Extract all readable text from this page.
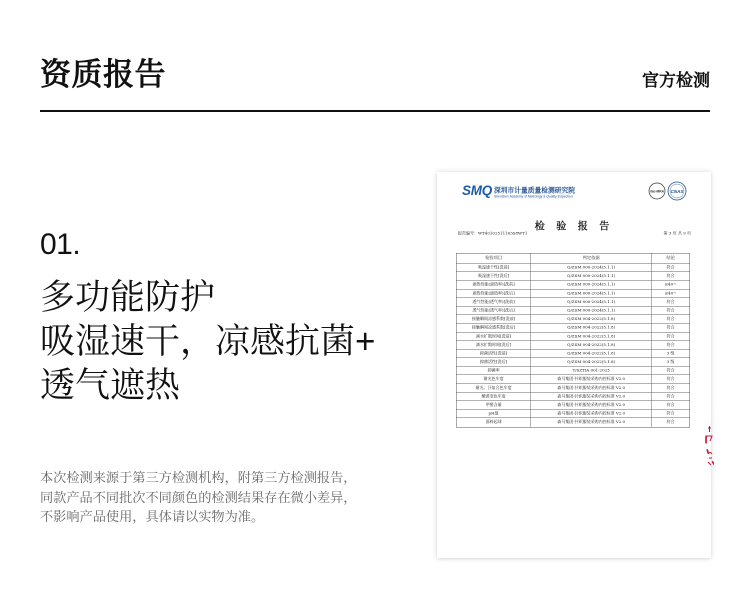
资质报告	官方检测
01.
多功能防护
吸湿速干，凉感抗菌+
透气遮热
本次检测来源于第三方检测机构，附第三方检测报告，
同款产品不同批次不同颜色的检测结果存在微小差异，
不影响产品使用，具体请以实物为准。
SMQ 深圳市计量质量检测研究院
Shenzhen Academy of Metrology & Quality Inspection
ilac-MRA CNAS
检 验 报 告
报告编号：WT40102511163S8WT1	第 3 页 共 9 页
检验项目	判定依据	结论
吸湿速干性[洗前]	Q/ZSM 000-2024(5.1.1)	符合
吸湿速干性[洗后]	Q/ZSM 000-2024(5.1.1)	符合
遮热性能(遮热率)[洗前]	Q/ZSM 000-2024(5.1.1)	≤40~
遮热性能(遮热率)[洗后]	Q/ZSM 000-2024(5.1.1)	≤40~
透气性能(透气率)[洗前]	Q/ZSM 000-2024(5.1.1)	符合
透气性能(透气率)[洗后]	Q/ZSM 000-2024(5.1.1)	符合
接触瞬间凉感系数[洗前]	Q/ZSM 004-2022(5.1.8)	符合
接触瞬间凉感系数[洗后]	Q/ZSM 004-2022(5.1.8)	符合
滴水扩散时间[洗前]	Q/ZSM 004-2022(5.1.8)	符合
滴水扩散时间[洗后]	Q/ZSM 004-2022(5.1.8)	符合
抑菌活性[洗前]	Q/ZSM 004-2022(5.1.8)	3 级
抑菌活性[洗后]	Q/ZSM 004-2022(5.1.8)	3 级
抑菌率	T/SZTIA 001-2023	符合
耐光色牢度	森马集团-针织服装采购内控标准 V2.0	符合
耐光、汗复合色牢度	森马集团-针织服装采购内控标准 V2.0	符合
酸黄变色牢度	森马集团-针织服装采购内控标准 V2.0	符合
甲醛含量	森马集团-针织服装采购内控标准 V2.0	符合
pH值	森马集团-针织服装采购内控标准 V2.0	符合
面料起球	森马集团-针织服装采购内控标准 V2.0	符合
